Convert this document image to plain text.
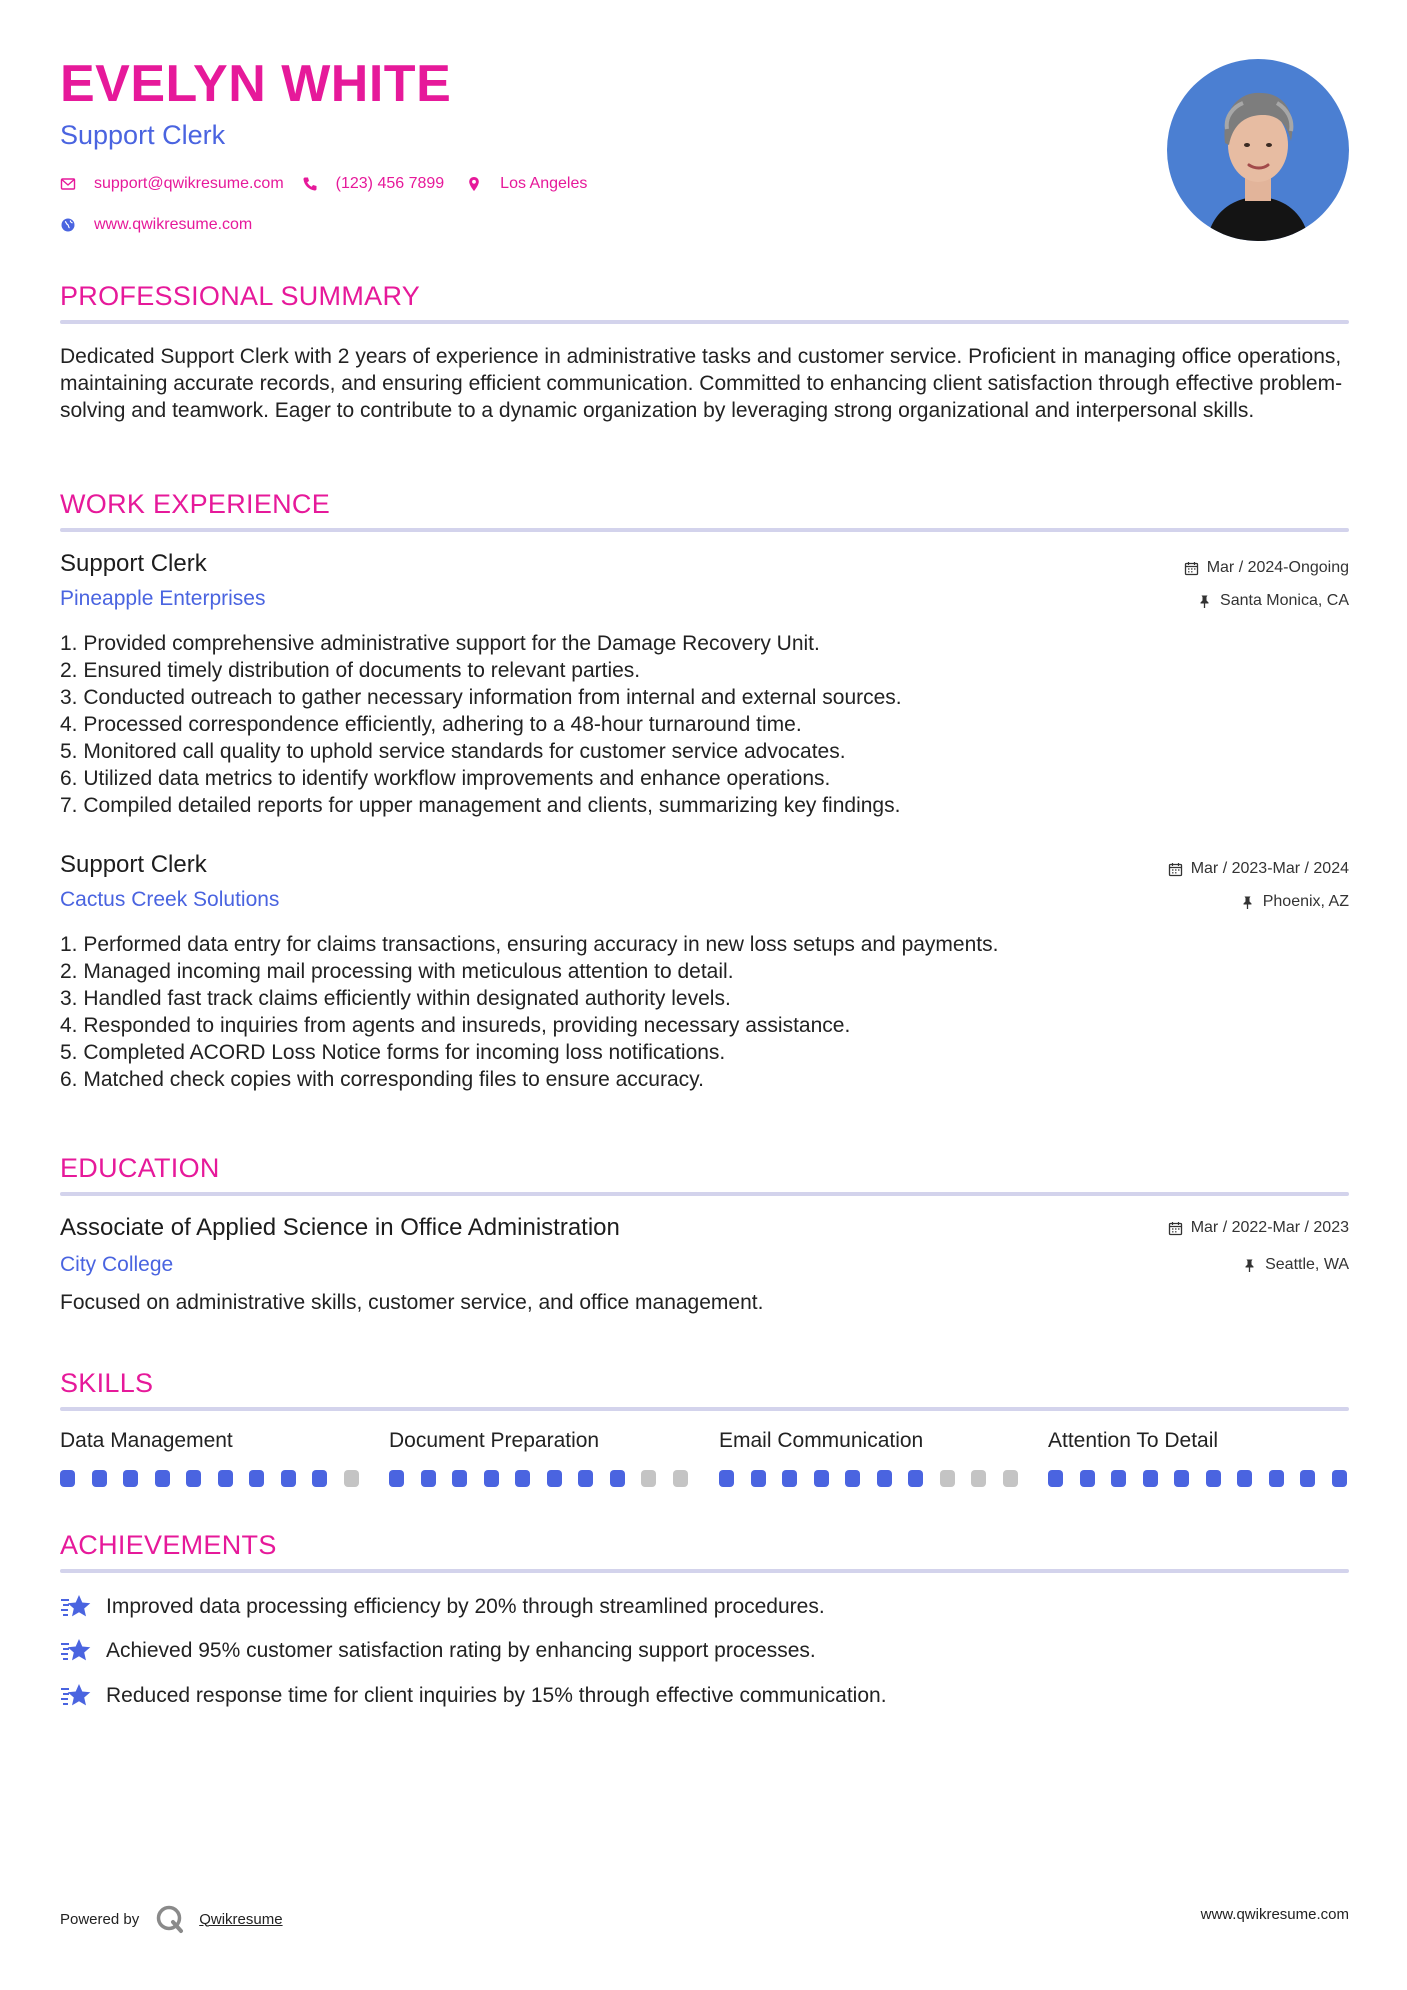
EVELYN WHITE
Support Clerk
support@qwikresume.com	(123) 456 7899	Los Angeles
www.qwikresume.com
PROFESSIONAL SUMMARY
Dedicated Support Clerk with 2 years of experience in administrative tasks and customer service. Proficient in managing office operations, maintaining accurate records, and ensuring efficient communication. Committed to enhancing client satisfaction through effective problem-solving and teamwork. Eager to contribute to a dynamic organization by leveraging strong organizational and interpersonal skills.
WORK EXPERIENCE
Support Clerk	Mar / 2024-Ongoing
Pineapple Enterprises	Santa Monica, CA
1. Provided comprehensive administrative support for the Damage Recovery Unit.
2. Ensured timely distribution of documents to relevant parties.
3. Conducted outreach to gather necessary information from internal and external sources.
4. Processed correspondence efficiently, adhering to a 48-hour turnaround time.
5. Monitored call quality to uphold service standards for customer service advocates.
6. Utilized data metrics to identify workflow improvements and enhance operations.
7. Compiled detailed reports for upper management and clients, summarizing key findings.
Support Clerk	Mar / 2023-Mar / 2024
Cactus Creek Solutions	Phoenix, AZ
1. Performed data entry for claims transactions, ensuring accuracy in new loss setups and payments.
2. Managed incoming mail processing with meticulous attention to detail.
3. Handled fast track claims efficiently within designated authority levels.
4. Responded to inquiries from agents and insureds, providing necessary assistance.
5. Completed ACORD Loss Notice forms for incoming loss notifications.
6. Matched check copies with corresponding files to ensure accuracy.
EDUCATION
Associate of Applied Science in Office Administration	Mar / 2022-Mar / 2023
City College	Seattle, WA
Focused on administrative skills, customer service, and office management.
SKILLS
Data Management	Document Preparation	Email Communication	Attention To Detail
ACHIEVEMENTS
Improved data processing efficiency by 20% through streamlined procedures.
Achieved 95% customer satisfaction rating by enhancing support processes.
Reduced response time for client inquiries by 15% through effective communication.
Powered by	Qwikresume	www.qwikresume.com
